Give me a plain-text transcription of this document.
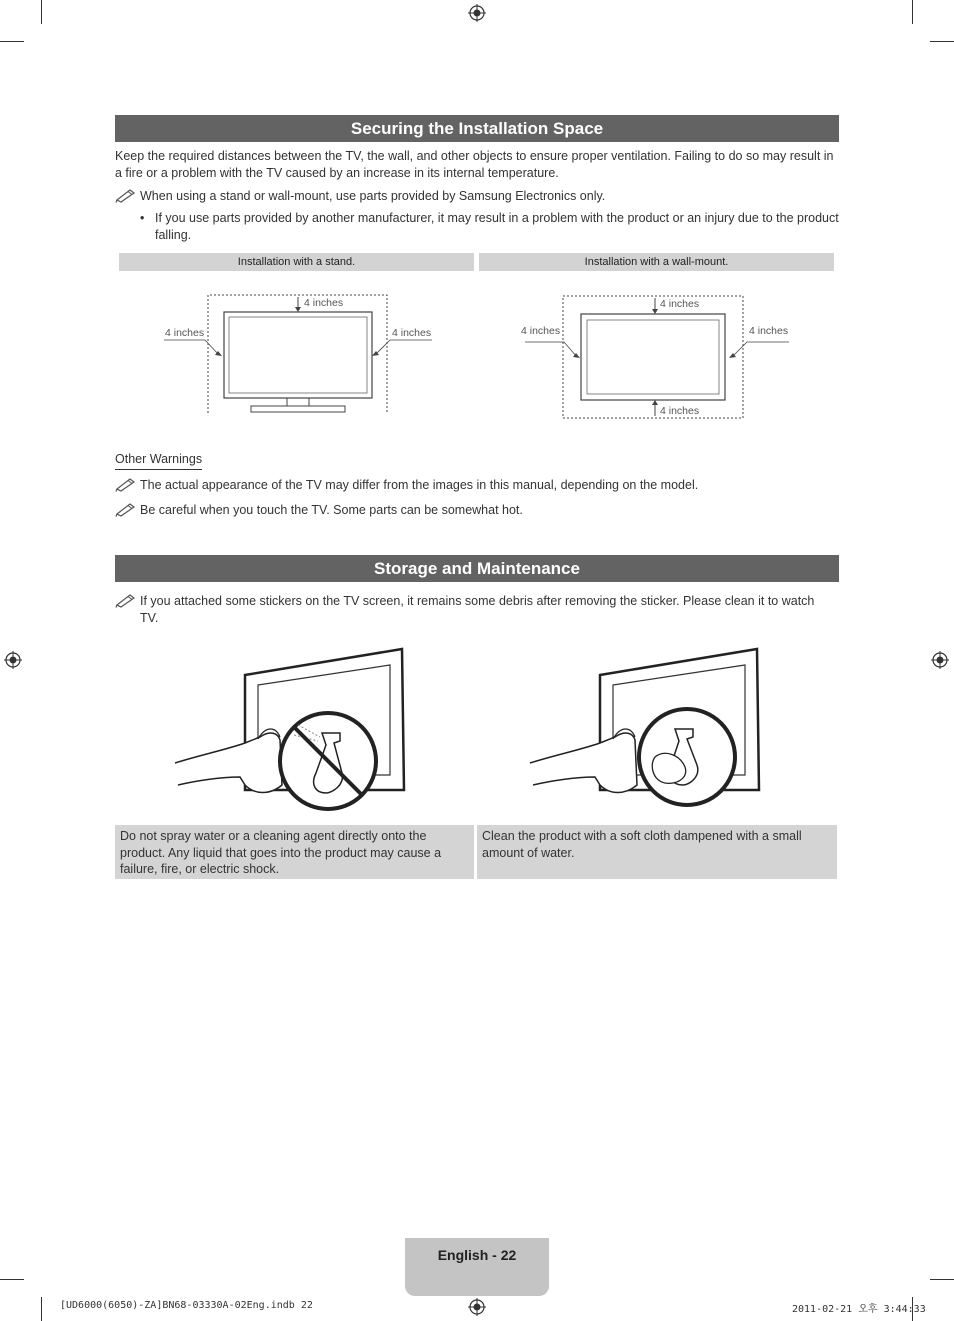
Securing the Installation Space
Keep the required distances between the TV, the wall, and other objects to ensure proper ventilation. Failing to do so may result in a fire or a problem with the TV caused by an increase in its internal temperature.
When using a stand or wall-mount, use parts provided by Samsung Electronics only.
• If you use parts provided by another manufacturer, it may result in a problem with the product or an injury due to the product falling.
Installation with a stand.	Installation with a wall-mount.
4 inches
4 inches	4 inches
4 inches
4 inches	4 inches
4 inches
Other Warnings
The actual appearance of the TV may differ from the images in this manual, depending on the model.
Be careful when you touch the TV. Some parts can be somewhat hot.
Storage and Maintenance
If you attached some stickers on the TV screen, it remains some debris after removing the sticker. Please clean it to watch TV.
Do not spray water or a cleaning agent directly onto the product. Any liquid that goes into the product may cause a failure, fire, or electric shock.
Clean the product with a soft cloth dampened with a small amount of water.
English - 22
[UD6000(6050)-ZA]BN68-03330A-02Eng.indb 22	2011-02-21 오후 3:44:33
